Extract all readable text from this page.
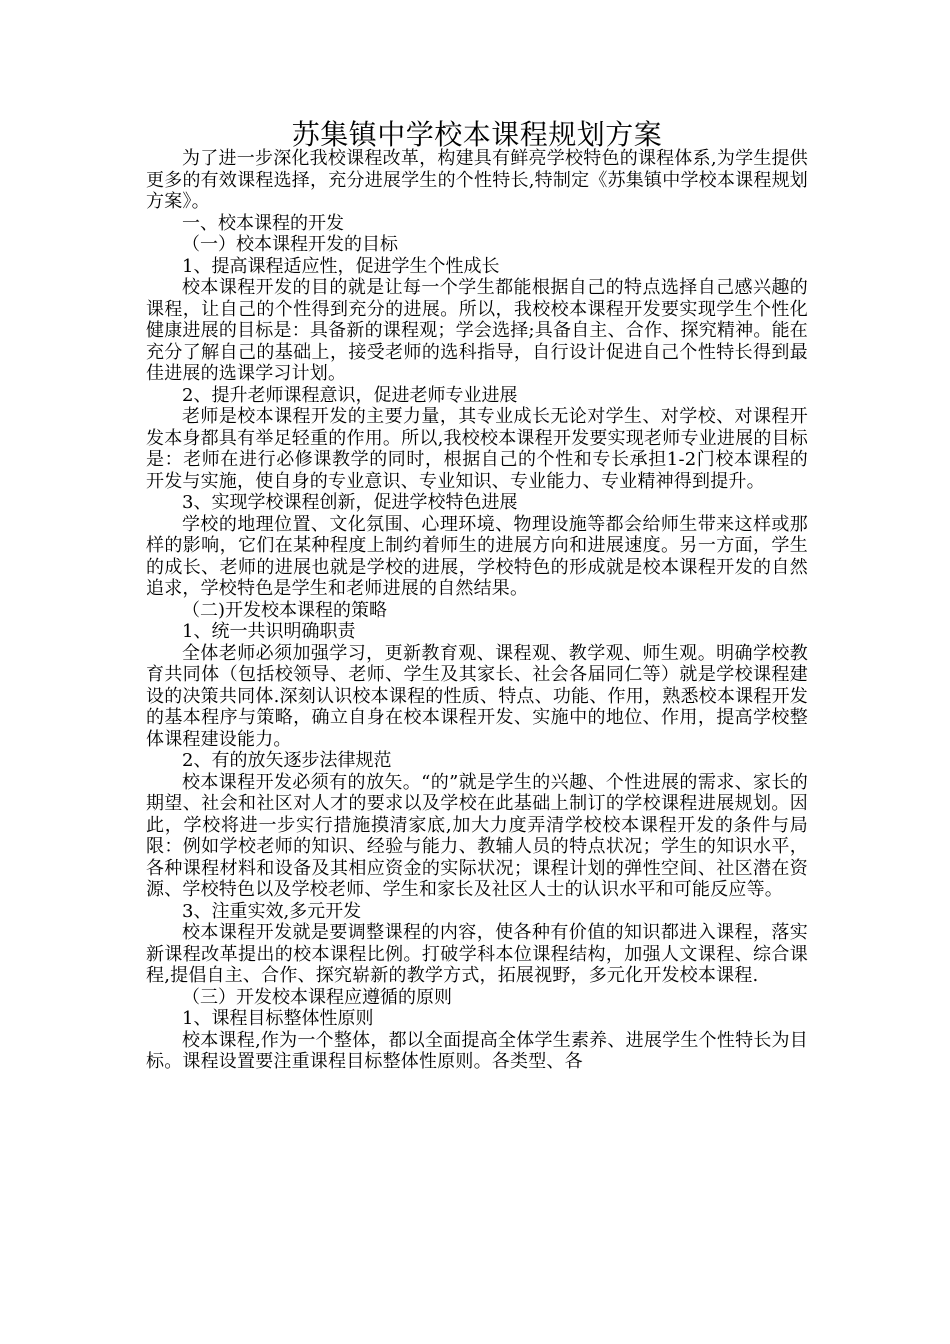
苏集镇中学校本课程规划方案

为了进一步深化我校课程改革，构建具有鲜亮学校特色的课程体系,为学生提供更多的有效课程选择，充分进展学生的个性特长,特制定《苏集镇中学校本课程规划方案》。

一、校本课程的开发

（一）校本课程开发的目标

1、提高课程适应性，促进学生个性成长

校本课程开发的目的就是让每一个学生都能根据自己的特点选择自己感兴趣的课程，让自己的个性得到充分的进展。所以，我校校本课程开发要实现学生个性化健康进展的目标是：具备新的课程观；学会选择;具备自主、合作、探究精神。能在充分了解自己的基础上，接受老师的选科指导，自行设计促进自己个性特长得到最佳进展的选课学习计划。

2、提升老师课程意识，促进老师专业进展

老师是校本课程开发的主要力量，其专业成长无论对学生、对学校、对课程开发本身都具有举足轻重的作用。所以,我校校本课程开发要实现老师专业进展的目标是：老师在进行必修课教学的同时，根据自己的个性和专长承担1-2门校本课程的开发与实施，使自身的专业意识、专业知识、专业能力、专业精神得到提升。

3、实现学校课程创新，促进学校特色进展

学校的地理位置、文化氛围、心理环境、物理设施等都会给师生带来这样或那样的影响，它们在某种程度上制约着师生的进展方向和进展速度。另一方面，学生的成长、老师的进展也就是学校的进展，学校特色的形成就是校本课程开发的自然追求，学校特色是学生和老师进展的自然结果。

（二)开发校本课程的策略

1、统一共识明确职责

全体老师必须加强学习，更新教育观、课程观、教学观、师生观。明确学校教育共同体（包括校领导、老师、学生及其家长、社会各届同仁等）就是学校课程建设的决策共同体.深刻认识校本课程的性质、特点、功能、作用，熟悉校本课程开发的基本程序与策略，确立自身在校本课程开发、实施中的地位、作用，提高学校整体课程建设能力。

2、有的放矢逐步法律规范

校本课程开发必须有的放矢。“的”就是学生的兴趣、个性进展的需求、家长的期望、社会和社区对人才的要求以及学校在此基础上制订的学校课程进展规划。因此，学校将进一步实行措施摸清家底,加大力度弄清学校校本课程开发的条件与局限：例如学校老师的知识、经验与能力、教辅人员的特点状况；学生的知识水平，各种课程材料和设备及其相应资金的实际状况；课程计划的弹性空间、社区潜在资源、学校特色以及学校老师、学生和家长及社区人士的认识水平和可能反应等。

3、注重实效,多元开发

校本课程开发就是要调整课程的内容，使各种有价值的知识都进入课程，落实新课程改革提出的校本课程比例。打破学科本位课程结构，加强人文课程、综合课程,提倡自主、合作、探究崭新的教学方式，拓展视野，多元化开发校本课程.

（三）开发校本课程应遵循的原则

1、课程目标整体性原则

校本课程,作为一个整体，都以全面提高全体学生素养、进展学生个性特长为目标。课程设置要注重课程目标整体性原则。各类型、各
